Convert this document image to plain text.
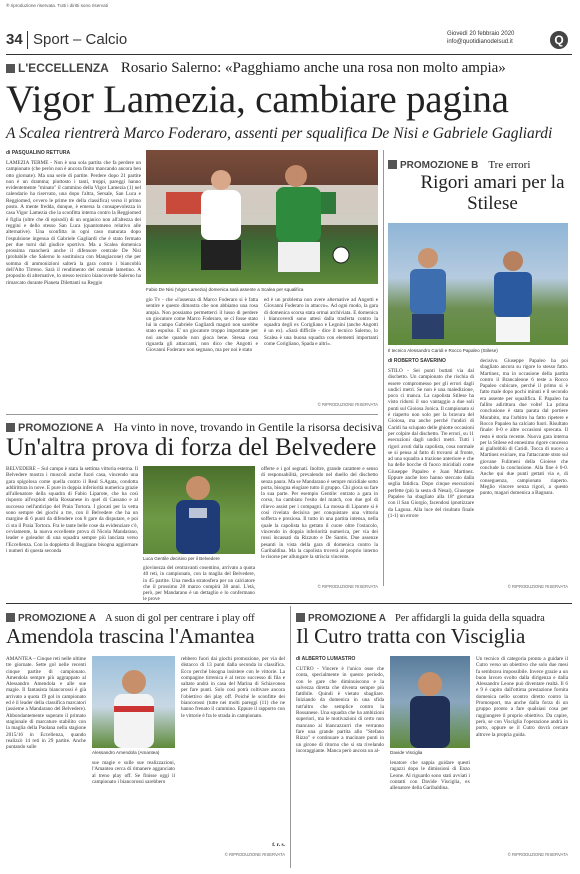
® riproduzione riservata. Tutti i diritti sono riservati
34 Sport – Calcio	Giovedì 20 febbraio 2020
info@quotidianodelsud.it	Q
L'ECCELLENZA Rosario Salerno: «Pagghiamo anche una rosa non molto ampia»
Vigor Lamezia, cambiare pagina
A Scalea rientrerà Marco Foderaro, assenti per squalifica De Nisi e Gabriele Gagliardi
di PASQUALINO RETTURA
LAMEZIA TERME - Non è una sola partita che fa perdere un campionato (che peròn non è ancora finito mancando ancora ben otto giornate). Ma una serie di partite. Perdere dopo 21 partite non è un dramma; piuttosto i tanti, troppi, pareggi hanno evidentemente "minato" il cammino della Vigor Lamezia (1) nel calendario ha riservato, una dopo l'altra, Sersale, San Luca e Reggiomed, ovvero le prime tre della classifica) verso il primo posto. A mente fredda, dunque, è emersa la consapevolezza in casa Vigor Lamezia che la sconfitta interna contro la Reggiomed è figlia (oltre che di episodi) di un organico non all'altezza dei reggini e dello stesso San Luca (quantomeno relativo alle alternative). Una sconfitta in ogni caso maturata dopo l'espulsione ingenua di Gabriele Gagliardi che è stato fermato per due turni dal giudice sportivo. Ma a Scalea domenica prossima mancherà anche il difensore centrale De Nisi (probabile che Salerno lo sostituisca con Mangiacone) che per somma di ammonizioni salterà la gara contro i biancoblù dell'Alto Tirreno. Sarà il rendimento del centrale lametino. A proposito di alternative, lo stesso tecnico biancoverde Salerno ha rimarcato durante Pianeta Dilettanti su Reggio
Fabio De Nisi (Vigor Lamezia) domenica sarà assente a Scalea per squalifica
gio Tv - che «l'assenza di Marco Foderaro si è fatta sentire e questo dimostra che non abbiamo una rosa ampia. Non possiamo permetterci il lusso di perdere un giocatore come Marco Foderaro, se ci fosse stato lui in campo Gabriele Gagliardi magari non sarebbe stato espulso. E' un giocatore troppo importante per noi anche quando non gioca bene. Stessa cosa riguarda gli attaccanti, non dico che Angotti e Giovanni Foderaro non segnano, ma per noi è stato
ed è un problema non avere alternative ad Angotti e Giovanni Foderaro in attacco». Ad ogni modo, la gara di domenica scorsa stata ormai archiviata. E domenica i biancoverdi sono attesi dalla trasferta contro la squadra degli ex Corigliano e Legnini (anche Angotti è un ex). «Sarà difficile - dice il tecnico Salerno, lo Scalea è una buona squadra con elementi importanti come Corigliano, Spada e altri».
© RIPRODUZIONE RISERVATA
PROMOZIONE B Tre errori
Rigori amari per la Stilese
Il tecnico Alessandro Caridi e Rocco Papaleo (Stilese)
di ROBERTO SAVERINO
STILO - Sei punti buttati via dal dischetto. Un campionato che rischia di essere compromesso per gli errori dagli undici metri. Se non è una maledizione, poco ci manca. La capolista Stilese ha visto ridursi il suo vantaggio a due soli punti sul Gioiosa Jonica. Il campionato si è riaperto non solo per la bravura del Gioiosa, ma anche perché l'undici di Caridi ha sciupato delle ghiotte occasioni per colpire dal dischetto. Tre errori, su 11 esecuzioni dagli undici metri. Tutti i rigori avuti dalla capolista, cosa normale se si pensa al fatto di trovarsi al fronte, ad una squadra a trazione anteriore e che ha delle bocche di fuoco micidiali come Giuseppe Papaleo e Juan Martinez. Eppure anche loro hanno steccato dalla seglia fatidica. Dopo cinque esecuzioni perfette (più la sesta di Nesai), Giuseppe Papaleo ha sbagliato alla 18ª giornata con il San Giorgio, facendosi ipnotizzare da Laguna. Alla luce del risultato finale (1-1) un errore
decisivo. Giuseppe Papaleo ha poi sbagliato ancora su rigore lo stesso fatto. Martinez, ma in occasione della partita contro il Brancaleone 6 teste a Rocco Papaleo cubicare, perché il primo si è fatto male dopo pochi minuti e il secondo era assente per squalifica. E Papaleo ha fallito adirittura due volte! La prima conclusione è stata parata dal portiere Morabito, ma l'arbitro ha fatto ripetere e Rocco Papaleo ha calciato fuori. Risultato finale: 0-0 e altre occasioni sprecata. Il resto è storia recente. Nuova gara interna per la Stilese ed ennesimo rigore concesso ai giallobblù di Caridi. Tocca di nuovo a Martinez esiciare, ma l'attaccante ststo sul giovane Fulimeni della Gioiese che conclude la conclusione. Alla fine è 0-0. Anche qui due punti gettati via e, di conseguenza, campionato riaperto. Meglio vincere senza rigori, a questo punto, magari domenica a Bagnara.
© RIPRODUZIONE RISERVATA
PROMOZIONE A Ha vinto in nove, trovando in Gentile la risorsa decisiva
Un'altra prova di forza del Belvedere
BELVEDERE – Sul campo è stata la settima vittoria esterna. Il Belvedere mostra i muscoli anche fuori casa, vincendo una gara spigolosa come quella contro il Real S.Agata, condotta addirittura in nove. E pure in doppia inferiorità numerica grazie all'allenatore della squadra di Fabio Liparote, che ha così risposto all'exploit della Rossanese in quel di Cassano e al successo nell'anticipo del Praia Tortora. I giocati per la vetta sono sempre dei giochi a tre, con il Belvedere che ha un margine di 6 punti da difendere con 8 gare da disputare, e poi ci sta il Praia Tortora. Fra le tante belle cose da evidenziare c'è, ovviamente, la nuova eccellente prova di Nicola Mandarano, leader e goleador di una squadra sempre più lanciata verso l'Eccellenza. Con la doppietta di Boggiano bisogna aggiornare i numeri di questa seconda
Luca Gentile decisivo per il Belvedere
giovinezza del centravanti cosentino, arrivato a quota 40 reti, in campionato, con la maglia del Belvedere, in 45 partite. Una media stratosfera per un calciatore che il prossimo 28 marzo compirà 38 anni. L'età, però, per Mandarano è un dettaglio e lo confermano le prove
offerte e i gol segnati. Inoltre, grande carattere e senso di responsabilità, prevalendo nel duello del dischetto senza paura. Ma se Mandarano è sempre micidiale sotto porta, bisogna elogiare tutto il gruppo. Chi gioca su fare la sua parte. Per esempio Gentile: entrato a gara in corso, ha cambiato l'esito del match, con due gol di rilievo assist per i compagni. La mossa di Liparote si è così rivelata decisiva per conquistare una vittoria sofferta e preziosa. Il tutto in una partita intensa, nella quale la capolista ha gettato il cuore oltre l'ostacolo, vincendo in doppia inferiorità numerica, per via dei rossi incassati da Rizzuto e De Santis. Due assenze pesanti in vista della gara di domenica contro la Garibaldina. Ma la capolista troverà al proprio interno le risorse per allungare la striscia vincente.
© RIPRODUZIONE RISERVATA
PROMOZIONE A A suon di gol per centrare i play off
Amendola trascina l'Amantea
AMANTEA – Cinque reti nelle ultime tre giornate. Sette gol nelle recenti cinque partite di campionato. Amendola sempre più aggrappato al Alessandro Amendola e alle sue magie. Il fantasista biancorossi è già arrivato a quota 19 gol in campionato ed è il leader della classifica marcatori (assieme a Mandarano del Belvedere). Abbondantemente superato il primato stagionale di marcature stabilito con la maglia della Paolana nella stagione 2015/16 in Eccellenza, quando realizzò 14 reti in 29 partite. Anche puntando sulle
Alessandro Amendola (Amantea)
sue magie e sulle sue realizzazioni, l'Amantea cerca di rimanere agganciato al treno play off. Se finisse oggi il campionato i biancorossi sarebbero
rebbero fuori dai giochi promozione, per via del distacco di 13 punti dalla seconda in classifica. Ecco perché bisogna insistere con le vittorie. La compagine tirrenica è al terzo successo di fila e saltato andrà in casa del Marina di Schiavonea per fare punti. Solo così potrà coltivare ancora l'obiettivo dei play off. Poiché le sconfitte dei biancorossi (tutte nei molti pareggi (11) che ne hanno frenato il cammino. Eppure il rapporto con le vittorie è fra le strada in campionato.
f. r. s.
© RIPRODUZIONE RISERVATA
PROMOZIONE A Per affidargli la guida della squadra
Il Cutro tratta con Visciglia
di ALBERTO LUMASTRO
CUTRO - Vincere è l'unico osse che conta, specialmente in questo periodo, con le gare che diminuiscono e la salvezza diretta che diventa sempre più fattibile. Quindi è vietato sbagliare. Iniziando da domenica in una sfida tutt'altro che semplice contro la Rossanese. Una squadra che ha ambizioni superiori, ma le motivazioni di certo non mancano ai biancazzurri che verranno fare una grande partita allo "Stefano Rizzo" e continuare a macinare punti in un girone di ritorno che si sta rivelando incoraggiante. Manca però ancora un al-	Davide Visciglia
lenatore che sappia guidare questi ragazzi dopo le dimissioni di Enzo Leone. Al riguardo sono stati avviati i contatti con Davide Visciglia, ex allenatore della Garibaldina.
Un tecnico di categoria pronto a guidare il Cutro verso un obiettivo che solo due mesi fa sembrava impossibile. Invece grazie a un buon lavoro svolto dalla dirigenza e dalla Alessandro Leone può diventare realtà. Il 6 e 9 è capito dall'ottima prestazione fornita domenica nello scontro diretto contro la Promosport, ma anche dalla forza di un gruppo pronto a fare qualsiasi cosa per raggiungere il proprio obiettivo. Da capire, però, se con Visciglia l'operazione andrà in porto, oppure se il Cutro dovrà cercare altrove la propria guida.
© RIPRODUZIONE RISERVATA
